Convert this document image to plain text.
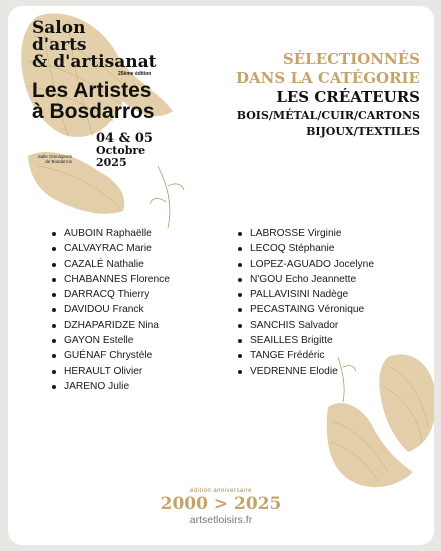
Salon
d'arts
& d'artisanat
25ème édition
Les Artistes
à Bosdarros
04 & 05
Octobre
2025
Salle Omnisports de Bosdarros
SÉLECTIONNÉS
DANS LA CATÉGORIE
LES CRÉATEURS
BOIS/MÉTAL/CUIR/CARTONS
BIJOUX/TEXTILES
AUBOIN Raphaëlle
CALVAYRAC Marie
CAZALÉ Nathalie
CHABANNES Florence
DARRACQ Thierry
DAVIDOU Franck
DZHAPARIDZE Nina
GAYON Estelle
GUÉNAF Chrystèle
HERAULT Olivier
JARENO Julie
LABROSSE Virginie
LECOQ Stéphanie
LOPEZ-AGUADO Jocelyne
N'GOU Echo Jeannette
PALLAVISINI Nadège
PECASTAING Véronique
SANCHIS Salvador
SEAILLES Brigitte
TANGE Frédéric
VEDRENNE Elodie
édition anniversaire
2000 > 2025
artsetloisirs.fr
